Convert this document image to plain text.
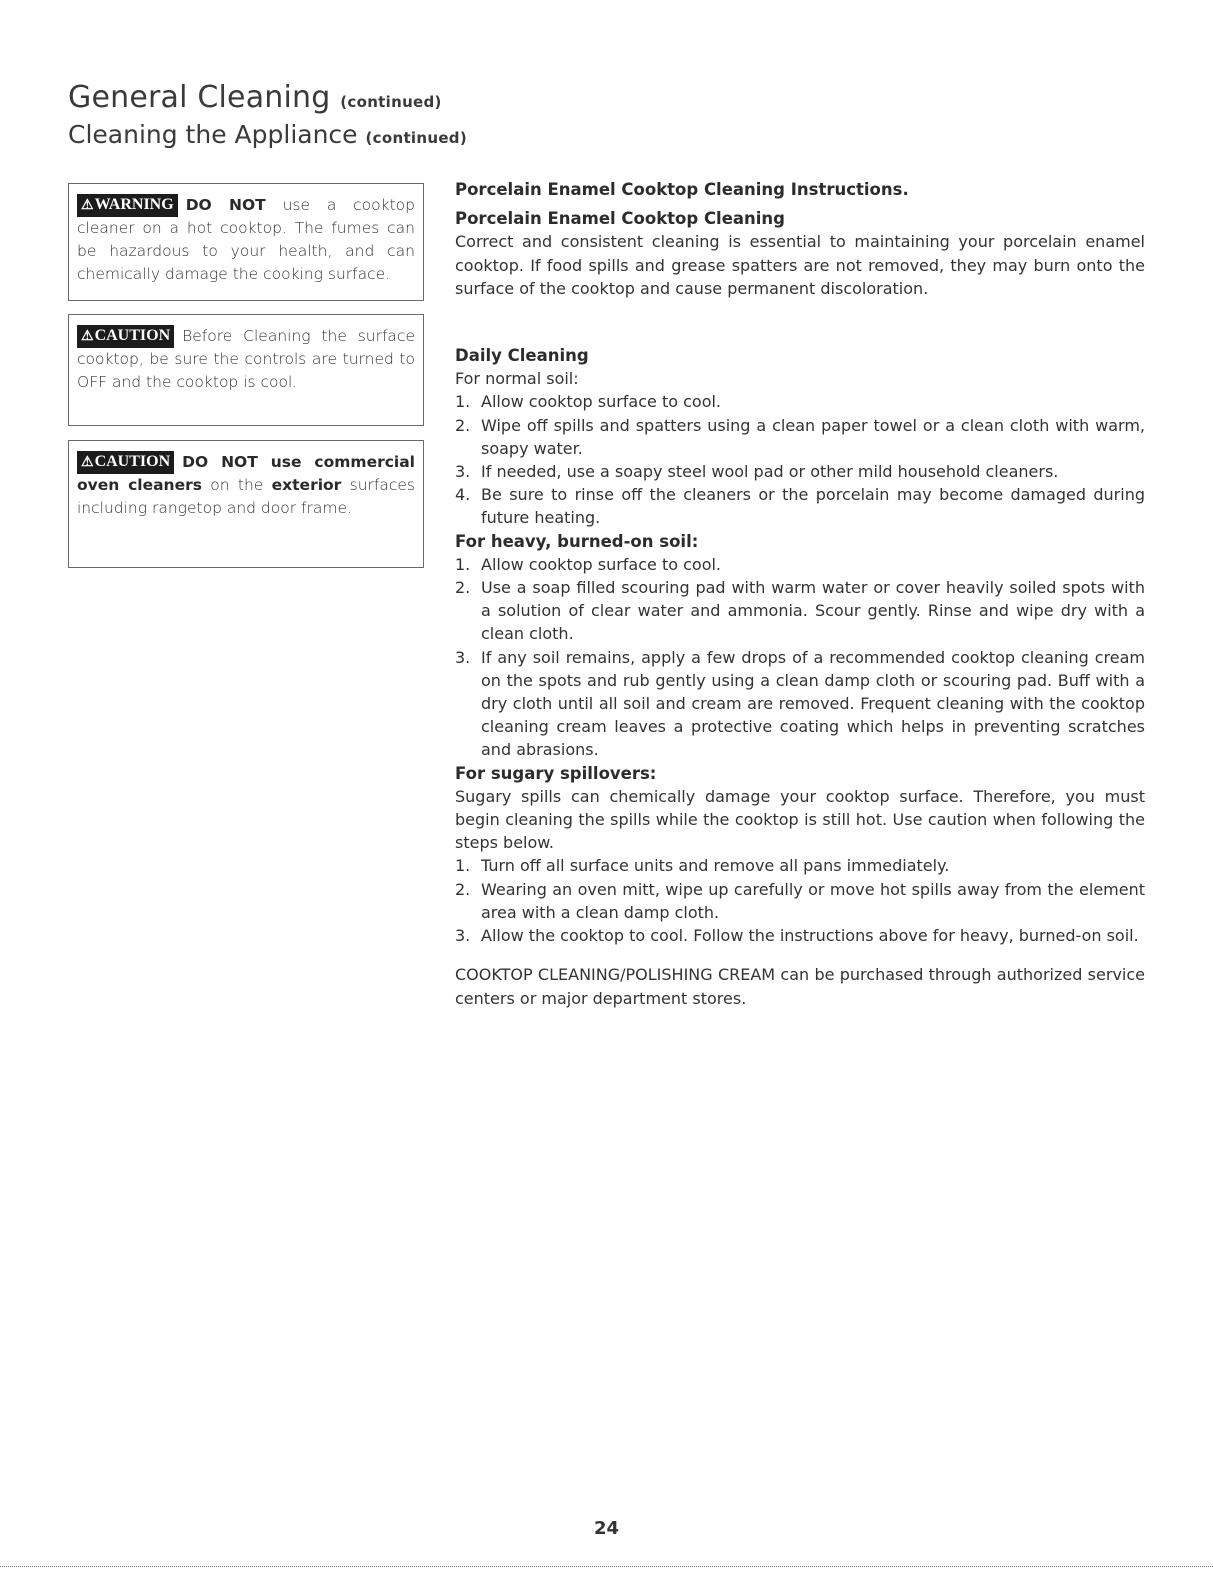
General Cleaning (continued)
Cleaning the Appliance (continued)
⚠WARNING DO NOT use a cooktop cleaner on a hot cooktop. The fumes can be hazardous to your health, and can chemically damage the cooking surface.
⚠CAUTION Before Cleaning the surface cooktop, be sure the controls are turned to OFF and the cooktop is cool.
⚠CAUTION DO NOT use commercial oven cleaners on the exterior surfaces including rangetop and door frame.
Porcelain Enamel Cooktop Cleaning Instructions.
Porcelain Enamel Cooktop Cleaning

Correct and consistent cleaning is essential to maintaining your porcelain enamel cooktop. If food spills and grease spatters are not removed, they may burn onto the surface of the cooktop and cause permanent discoloration.

Daily Cleaning

For normal soil:

1. Allow cooktop surface to cool.
2. Wipe off spills and spatters using a clean paper towel or a clean cloth with warm, soapy water.
3. If needed, use a soapy steel wool pad or other mild household cleaners.
4. Be sure to rinse off the cleaners or the porcelain may become damaged during future heating.
For heavy, burned-on soil:
1. Allow cooktop surface to cool.
2. Use a soap filled scouring pad with warm water or cover heavily soiled spots with a solution of clear water and ammonia. Scour gently. Rinse and wipe dry with a clean cloth.
3. If any soil remains, apply a few drops of a recommended cooktop cleaning cream on the spots and rub gently using a clean damp cloth or scouring pad. Buff with a dry cloth until all soil and cream are removed. Frequent cleaning with the cooktop cleaning cream leaves a protective coating which helps in preventing scratches and abrasions.
For sugary spillovers:

Sugary spills can chemically damage your cooktop surface. Therefore, you must begin cleaning the spills while the cooktop is still hot. Use caution when following the steps below.

1. Turn off all surface units and remove all pans immediately.
2. Wearing an oven mitt, wipe up carefully or move hot spills away from the element area with a clean damp cloth.
3. Allow the cooktop to cool. Follow the instructions above for heavy, burned-on soil.

COOKTOP CLEANING/POLISHING CREAM can be purchased through authorized service centers or major department stores.

24
